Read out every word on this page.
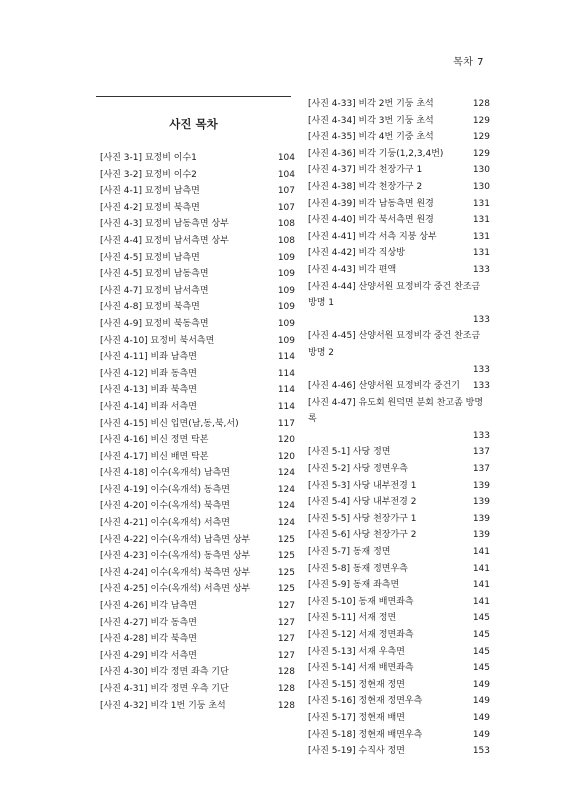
목차 7
사진 목차
[사진 3-1] 묘정비 이수1	104
[사진 3-2] 묘정비 이수2	104
[사진 4-1] 묘정비 남측면	107
[사진 4-2] 묘정비 북측면	107
[사진 4-3] 묘정비 남동측면 상부	108
[사진 4-4] 묘정비 남서측면 상부	108
[사진 4-5] 묘정비 남측면	109
[사진 4-5] 묘정비 남동측면	109
[사진 4-7] 묘정비 남서측면	109
[사진 4-8] 묘정비 북측면	109
[사진 4-9] 묘정비 북동측면	109
[사진 4-10] 묘정비 북서측면	109
[사진 4-11] 비좌 남측면	114
[사진 4-12] 비좌 동측면	114
[사진 4-13] 비좌 북측면	114
[사진 4-14] 비좌 서측면	114
[사진 4-15] 비신 입면(남,동,북,서)	117
[사진 4-16] 비신 정면 탁본	120
[사진 4-17] 비신 배면 탁본	120
[사진 4-18] 이수(옥개석) 남측면	124
[사진 4-19] 이수(옥개석) 동측면	124
[사진 4-20] 이수(옥개석) 북측면	124
[사진 4-21] 이수(옥개석) 서측면	124
[사진 4-22] 이수(옥개석) 남측면 상부	125
[사진 4-23] 이수(옥개석) 동측면 상부	125
[사진 4-24] 이수(옥개석) 북측면 상부	125
[사진 4-25] 이수(옥개석) 서측면 상부	125
[사진 4-26] 비각 남측면	127
[사진 4-27] 비각 동측면	127
[사진 4-28] 비각 북측면	127
[사진 4-29] 비각 서측면	127
[사진 4-30] 비각 정면 좌측 기단	128
[사진 4-31] 비각 정면 우측 기단	128
[사진 4-32] 비각 1번 기둥 초석	128
[사진 4-33] 비각 2번 기둥 초석	128
[사진 4-34] 비각 3번 기둥 초석	129
[사진 4-35] 비각 4번 기중 초석	129
[사진 4-36] 비각 기둥(1,2,3,4번)	129
[사진 4-37] 비각 천장가구 1	130
[사진 4-38] 비각 천장가구 2	130
[사진 4-39] 비각 남동측면 원경	131
[사진 4-40] 비각 북서측면 원경	131
[사진 4-41] 비각 서측 지붕 상부	131
[사진 4-42] 비각 직상방	131
[사진 4-43] 비각 편액	133
[사진 4-44] 산양서원 묘정비각 중건 찬조금 방명 1
133
[사진 4-45] 산양서원 묘정비각 중건 찬조금 방명 2
133
[사진 4-46] 산양서원 묘정비각 중건기	133
[사진 4-47] 유도회 원덕면 분회 찬고좀 방명록
133
[사진 5-1] 사당 정면	137
[사진 5-2] 사당 정면우측	137
[사진 5-3] 사당 내부전경 1	139
[사진 5-4] 사당 내부전경 2	139
[사진 5-5] 사당 천장가구 1	139
[사진 5-6] 사당 천장가구 2	139
[사진 5-7] 동재 정면	141
[사진 5-8] 동재 정면우측	141
[사진 5-9] 동재 좌측면	141
[사진 5-10] 동재 배면좌측	141
[사진 5-11] 서재 정면	145
[사진 5-12] 서재 정면좌측	145
[사진 5-13] 서재 우측면	145
[사진 5-14] 서재 배면좌측	145
[사진 5-15] 정현재 정면	149
[사진 5-16] 정현재 정면우측	149
[사진 5-17] 정현재 배면	149
[사진 5-18] 정현재 배면우측	149
[사진 5-19] 수직사 정면	153
